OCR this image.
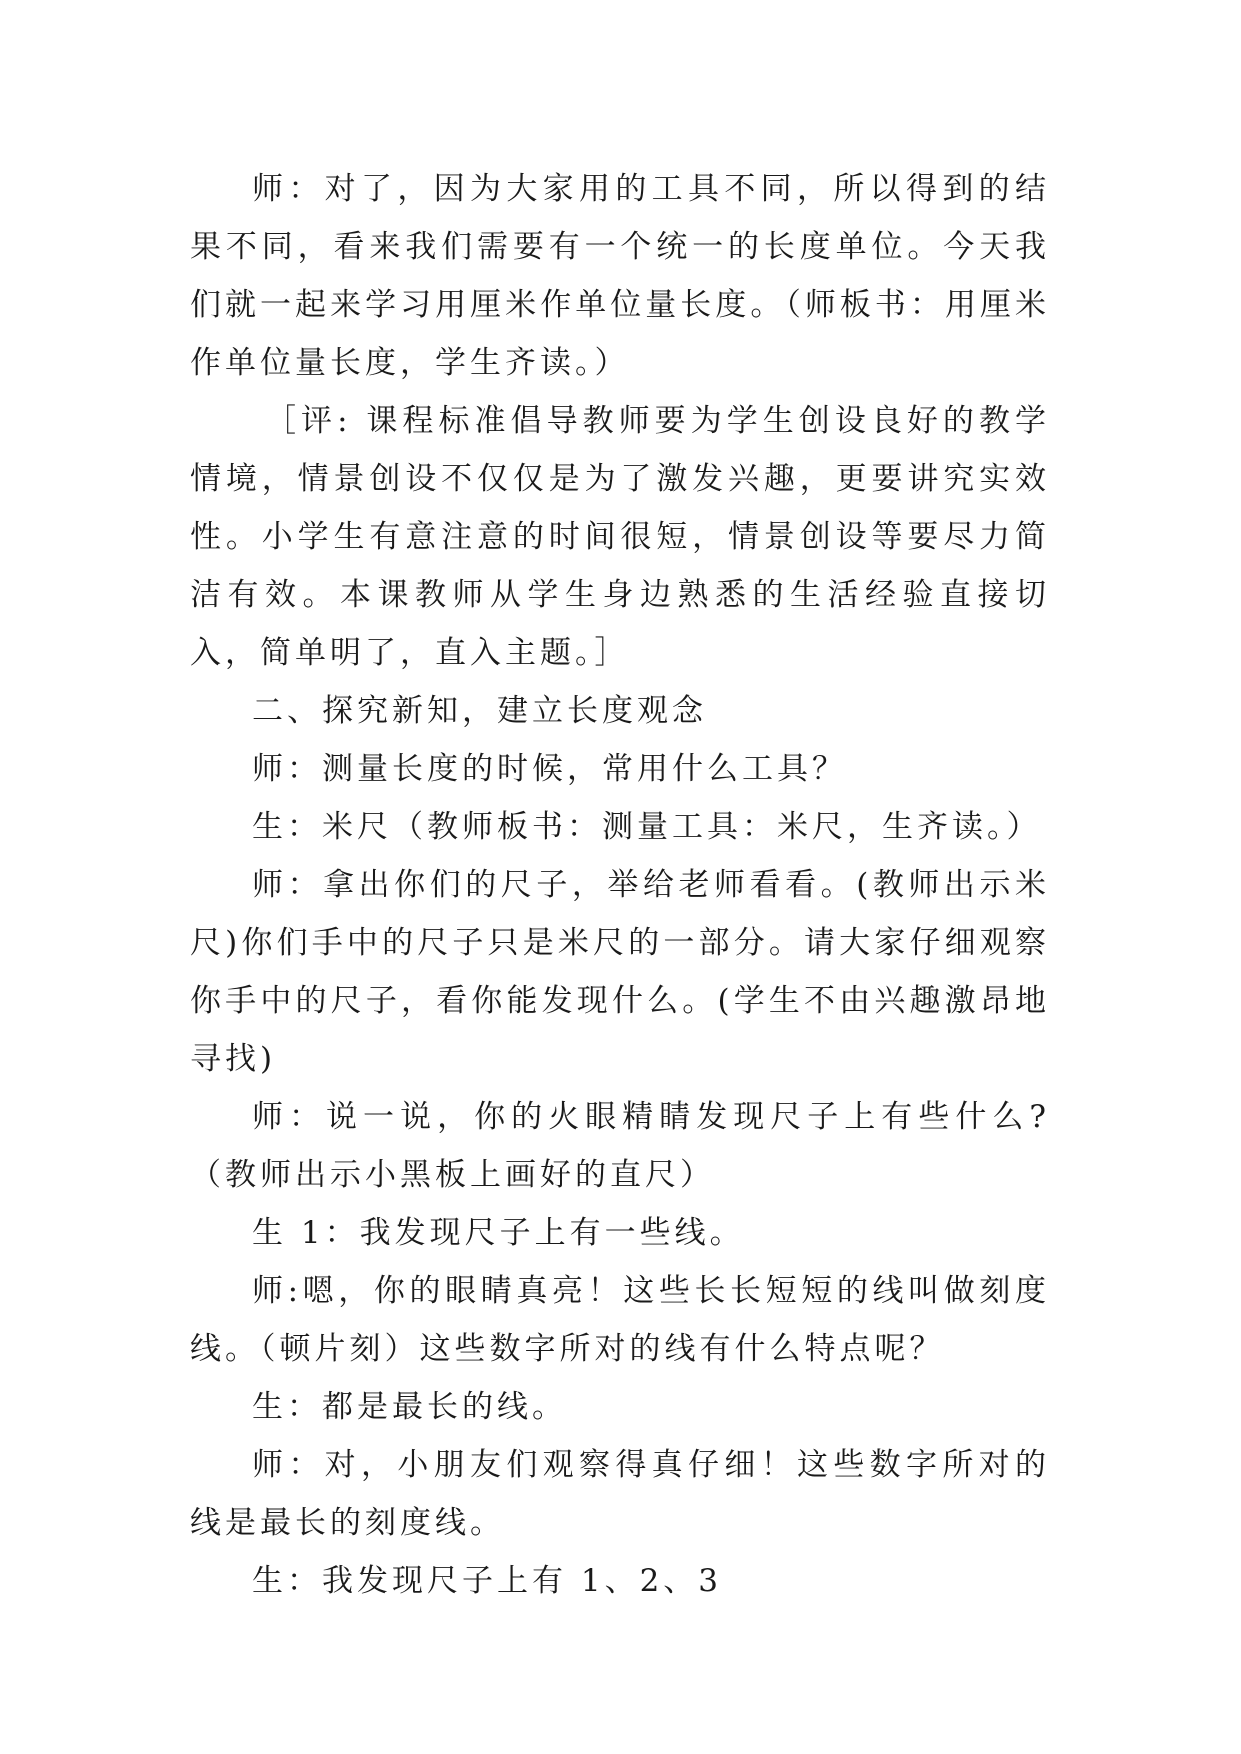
师：对了，因为大家用的工具不同，所以得到的结果不同，看来我们需要有一个统一的长度单位。今天我们就一起来学习用厘米作单位量长度。（师板书：用厘米作单位量长度，学生齐读。）

［评: 课程标准倡导教师要为学生创设良好的教学情境，情景创设不仅仅是为了激发兴趣，更要讲究实效性。小学生有意注意的时间很短，情景创设等要尽力简洁有效。本课教师从学生身边熟悉的生活经验直接切入，简单明了，直入主题。］

二、探究新知，建立长度观念

师：测量长度的时候，常用什么工具？

生：米尺（教师板书：测量工具：米尺，生齐读。）

师：拿出你们的尺子，举给老师看看。(教师出示米尺)你们手中的尺子只是米尺的一部分。请大家仔细观察你手中的尺子，看你能发现什么。(学生不由兴趣激昂地寻找)

师：说一说，你的火眼精睛发现尺子上有些什么?（教师出示小黑板上画好的直尺）

生 1：我发现尺子上有一些线。

师:嗯，你的眼睛真亮！这些长长短短的线叫做刻度线。（顿片刻）这些数字所对的线有什么特点呢？

生：都是最长的线。

师：对，小朋友们观察得真仔细！这些数字所对的线是最长的刻度线。

生：我发现尺子上有 1、2、3
